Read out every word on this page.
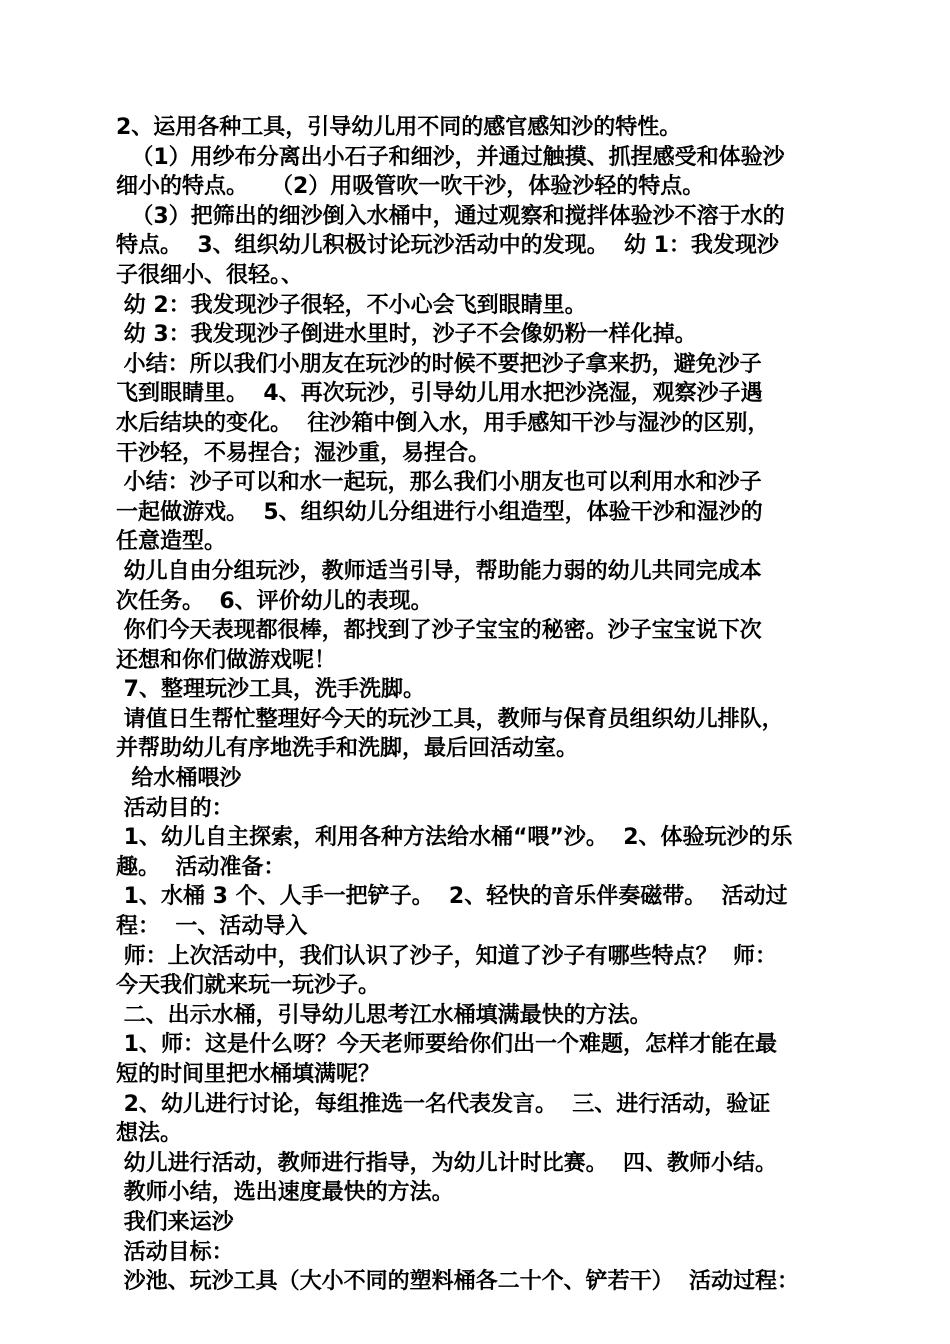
2、运用各种工具，引导幼儿用不同的感官感知沙的特性。
（1）用纱布分离出小石子和细沙，并通过触摸、抓捏感受和体验沙
细小的特点。   （2）用吸管吹一吹干沙，体验沙轻的特点。
（3）把筛出的细沙倒入水桶中，通过观察和搅拌体验沙不溶于水的
特点。  3、组织幼儿积极讨论玩沙活动中的发现。  幼 1：我发现沙
子很细小、很轻。、
幼 2：我发现沙子很轻，不小心会飞到眼睛里。
幼 3：我发现沙子倒进水里时，沙子不会像奶粉一样化掉。
小结：所以我们小朋友在玩沙的时候不要把沙子拿来扔，避免沙子
飞到眼睛里。  4、再次玩沙，引导幼儿用水把沙浇湿，观察沙子遇
水后结块的变化。  往沙箱中倒入水，用手感知干沙与湿沙的区别，
干沙轻，不易捏合；湿沙重，易捏合。
小结：沙子可以和水一起玩，那么我们小朋友也可以利用水和沙子
一起做游戏。  5、组织幼儿分组进行小组造型，体验干沙和湿沙的
任意造型。
幼儿自由分组玩沙，教师适当引导，帮助能力弱的幼儿共同完成本
次任务。  6、评价幼儿的表现。
你们今天表现都很棒，都找到了沙子宝宝的秘密。沙子宝宝说下次
还想和你们做游戏呢！
7、整理玩沙工具，洗手洗脚。
请值日生帮忙整理好今天的玩沙工具，教师与保育员组织幼儿排队，
并帮助幼儿有序地洗手和洗脚，最后回活动室。
给水桶喂沙
活动目的：
1、幼儿自主探索，利用各种方法给水桶“喂”沙。  2、体验玩沙的乐
趣。  活动准备：
1、水桶 3 个、人手一把铲子。  2、轻快的音乐伴奏磁带。  活动过
程：  一、活动导入
师：上次活动中，我们认识了沙子，知道了沙子有哪些特点？  师：
今天我们就来玩一玩沙子。
二、出示水桶，引导幼儿思考江水桶填满最快的方法。
1、师：这是什么呀？今天老师要给你们出一个难题，怎样才能在最
短的时间里把水桶填满呢？
2、幼儿进行讨论，每组推选一名代表发言。  三、进行活动，验证
想法。
幼儿进行活动，教师进行指导，为幼儿计时比赛。  四、教师小结。
教师小结，选出速度最快的方法。
我们来运沙
活动目标：
沙池、玩沙工具（大小不同的塑料桶各二十个、铲若干）  活动过程：
